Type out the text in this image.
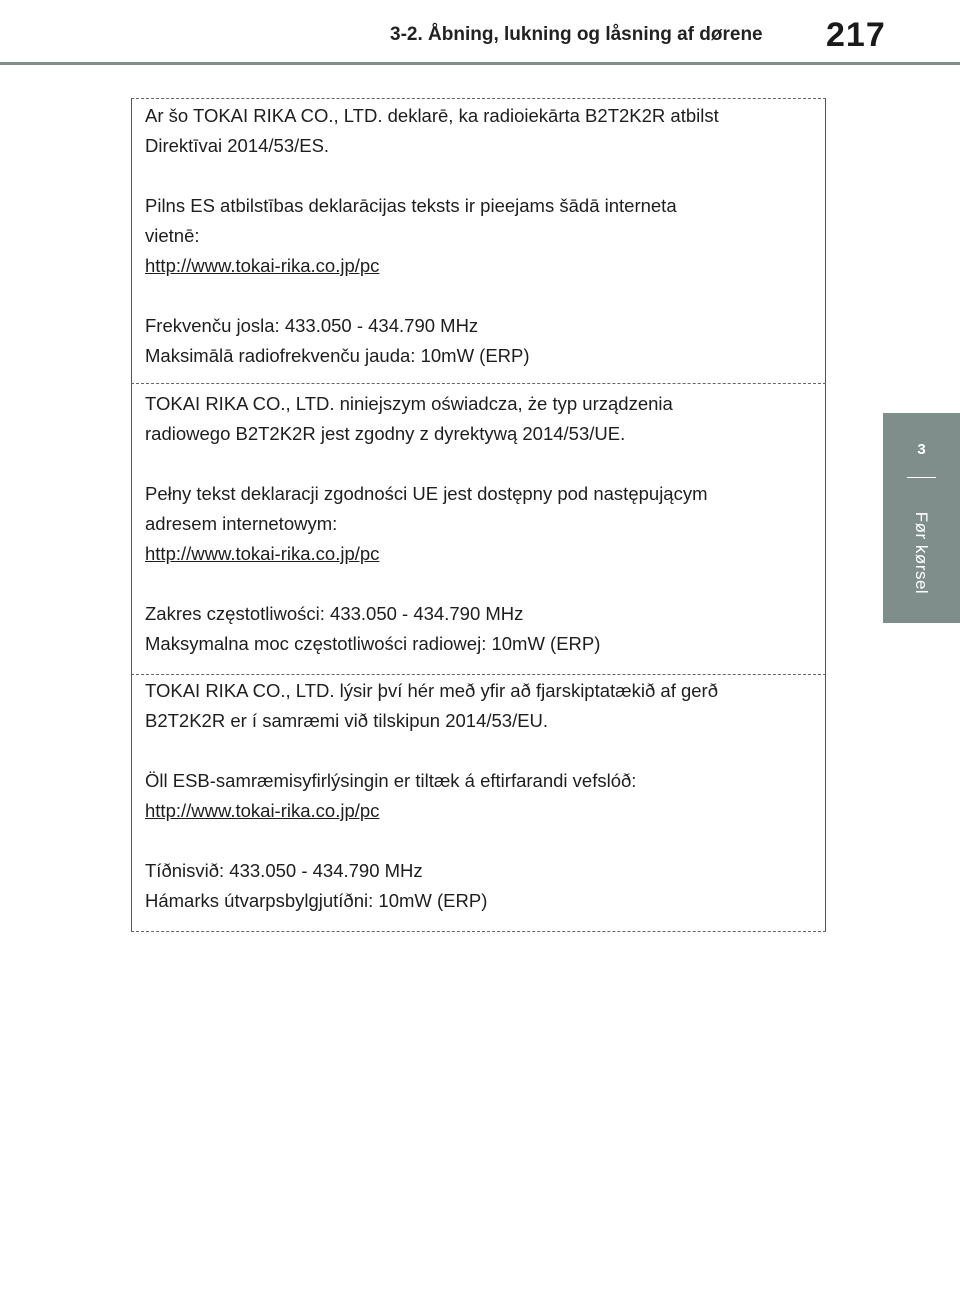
3-2. Åbning, lukning og låsning af dørene	217
3
Før kørsel

Ar šo TOKAI RIKA CO., LTD. deklarē, ka radioiekārta B2T2K2R atbilst

Direktīvai 2014/53/ES.

Pilns ES atbilstības deklarācijas teksts ir pieejams šādā interneta

vietnē:

http://www.tokai-rika.co.jp/pc

Frekvenču josla: 433.050 - 434.790 MHz

Maksimālā radiofrekvenču jauda: 10mW (ERP)

TOKAI RIKA CO., LTD. niniejszym oświadcza, że typ urządzenia

radiowego B2T2K2R jest zgodny z dyrektywą 2014/53/UE.

Pełny tekst deklaracji zgodności UE jest dostępny pod następującym

adresem internetowym:

http://www.tokai-rika.co.jp/pc

Zakres częstotliwości: 433.050 - 434.790 MHz

Maksymalna moc częstotliwości radiowej: 10mW (ERP)

TOKAI RIKA CO., LTD. lýsir því hér með yfir að fjarskiptatækið af gerð

B2T2K2R er í samræmi við tilskipun 2014/53/EU.

Öll ESB-samræmisyfirlýsingin er tiltæk á eftirfarandi vefslóð:

http://www.tokai-rika.co.jp/pc

Tíðnisvið: 433.050 - 434.790 MHz

Hámarks útvarpsbylgjutíðni: 10mW (ERP)
